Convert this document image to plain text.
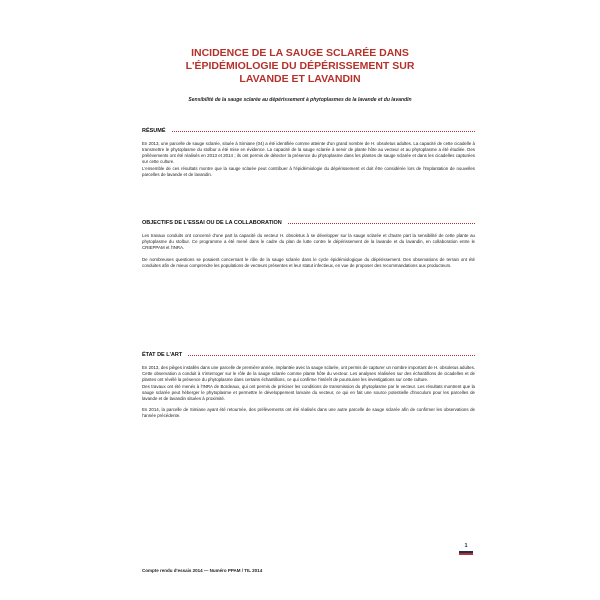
INCIDENCE DE LA SAUGE SCLARÉE DANS
L'ÉPIDÉMIOLOGIE DU DÉPÉRISSEMENT SUR
LAVANDE ET LAVANDIN

Sensibilité de la sauge sclarée au dépérissement à phytoplasmes de la lavande et du lavandin

RÉSUMÉ

En 2013, une parcelle de sauge sclarée, située à Simiane (04) a été identifiée comme atteinte d'un grand nombre de H. obsoletus adultes. La capacité de cette cicadelle à transmettre le phytoplasme du stolbur a été mise en évidence. La capacité de la sauge sclarée à servir de plante hôte au vecteur et au phytoplasme a été étudiée. Des prélèvements ont été réalisés en 2013 et 2014 ; ils ont permis de détecter la présence du phytoplasme dans les plantes de sauge sclarée et dans les cicadelles capturées sur cette culture.

L'ensemble de ces résultats montre que la sauge sclarée peut contribuer à l'épidémiologie du dépérissement et doit être considérée lors de l'implantation de nouvelles parcelles de lavande et de lavandin.

OBJECTIFS DE L'ESSAI OU DE LA COLLABORATION

Les travaux conduits ont concerné d'une part la capacité du vecteur H. obsoletus à se développer sur la sauge sclarée et d'autre part la sensibilité de cette plante au phytoplasme du stolbur. Ce programme a été mené dans le cadre du plan de lutte contre le dépérissement de la lavande et du lavandin, en collaboration entre le CRIEPPAM et l'INRA.

De nombreuses questions se posaient concernant le rôle de la sauge sclarée dans le cycle épidémiologique du dépérissement. Des observations de terrain ont été conduites afin de mieux comprendre les populations de vecteurs présentes et leur statut infectieux, en vue de proposer des recommandations aux producteurs.

ÉTAT DE L'ART

En 2013, des pièges installés dans une parcelle de première année, implantée avec la sauge sclarée, ont permis de capturer un nombre important de H. obsoletus adultes. Cette observation a conduit à s'interroger sur le rôle de la sauge sclarée comme plante hôte du vecteur. Les analyses réalisées sur des échantillons de cicadelles et de plantes ont révélé la présence du phytoplasme dans certains échantillons, ce qui confirme l'intérêt de poursuivre les investigations sur cette culture.

Des travaux ont été menés à l'INRA de Bordeaux, qui ont permis de préciser les conditions de transmission du phytoplasme par le vecteur. Les résultats montrent que la sauge sclarée peut héberger le phytoplasme et permettre le développement larvaire du vecteur, ce qui en fait une source potentielle d'inoculum pour les parcelles de lavande et de lavandin situées à proximité.

En 2014, la parcelle de Simiane ayant été retournée, des prélèvements ont été réalisés dans une autre parcelle de sauge sclarée afin de confirmer les observations de l'année précédente.

1
Compte rendu d'essais 2014 — Numéro PPAM / TIL 2014
